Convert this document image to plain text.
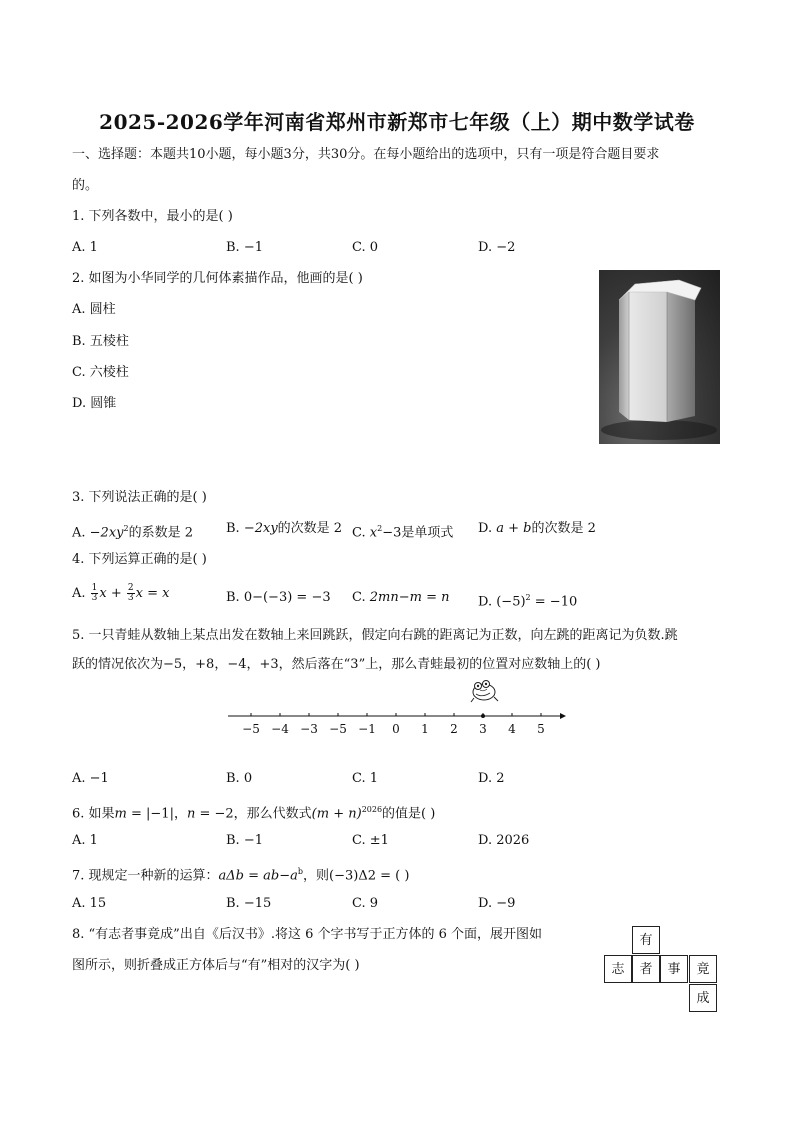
2025-2026学年河南省郑州市新郑市七年级（上）期中数学试卷
一、选择题：本题共10小题，每小题3分，共30分。在每小题给出的选项中，只有一项是符合题目要求
的。
1. 下列各数中，最小的是( )
A. 1	B. −1	C. 0	D. −2
2. 如图为小华同学的几何体素描作品，他画的是( )
A. 圆柱
B. 五棱柱
C. 六棱柱
D. 圆锥
3. 下列说法正确的是( )
A. $-2xy^2$的系数是 2	B. −2xy的次数是 2 C. $x^2-3$是单项式 D. a + b的次数是 2
4. 下列运算正确的是( )
A. $\frac{1}{3}$ $x + \frac{2}{3}$ x = x	B. 0−(−3) = −3 C. 2mn−m = n D. $(-5)^2 = -10$
5. 一只青蛙从数轴上某点出发在数轴上来回跳跃，假定向右跳的距离记为正数，向左跳的距离记为负数.跳
跃的情况依次为−5，+8，−4，+3，然后落在“3”上，那么青蛙最初的位置对应数轴上的( )
−5 −4 −3 −5 −1 0 1 2 3 4 5
A. −1	B. 0	C. 1	D. 2
6. 如果m = |−1|，n = −2，那么代数式$(m + n)^{2026}$的值是( )
A. 1	B. −1	C. ±1	D. 2026
7. 现规定一种新的运算：$a\Delta b = ab-a^b$，则(−3)Δ2 = ( )
A. 15	B. −15	C. 9	D. −9
8. “有志者事竟成”出自《后汉书》.将这 6 个字书写于正方体的 6 个面，展开图如
图所示，则折叠成正方体后与“有”相对的汉字为( )
有
志	者	事	竟
成
